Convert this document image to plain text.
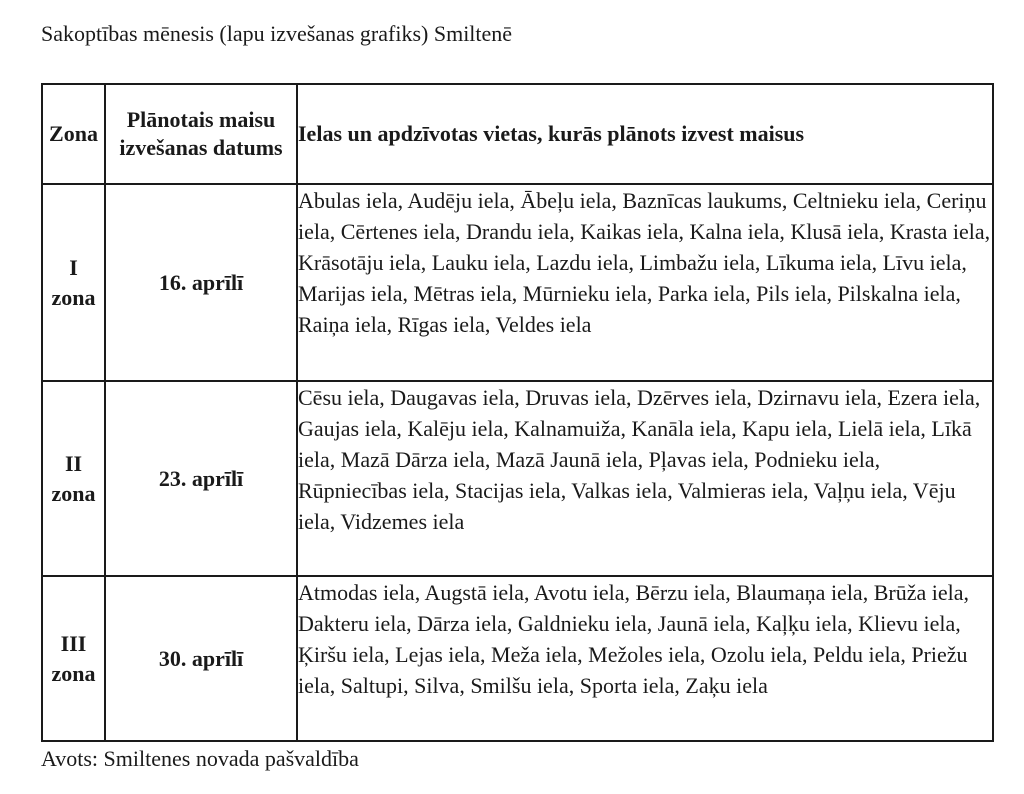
Sakoptības mēnesis (lapu izvešanas grafiks) Smiltenē
Zona	Plānotais maisu izvešanas datums	Ielas un apdzīvotas vietas, kurās plānots izvest maisus

I
zona	16. aprīlī	Abulas iela, Audēju iela, Ābeļu iela, Baznīcas laukums, Celtnieku iela, Ceriņu iela, Cērtenes iela, Drandu iela, Kaikas iela, Kalna iela, Klusā iela, Krasta iela, Krāsotāju iela, Lauku iela, Lazdu iela, Limbažu iela, Līkuma iela, Līvu iela, Marijas iela, Mētras iela, Mūrnieku iela, Parka iela, Pils iela, Pilskalna iela, Raiņa iela, Rīgas iela, Veldes iela

II
zona	23. aprīlī	Cēsu iela, Daugavas iela, Druvas iela, Dzērves iela, Dzirnavu iela, Ezera iela, Gaujas iela, Kalēju iela, Kalnamuiža, Kanāla iela, Kapu iela, Lielā iela, Līkā iela, Mazā Dārza iela, Mazā Jaunā iela, Pļavas iela, Podnieku iela, Rūpniecības iela, Stacijas iela, Valkas iela, Valmieras iela, Vaļņu iela, Vēju iela, Vidzemes iela

III
zona	30. aprīlī	Atmodas iela, Augstā iela, Avotu iela, Bērzu iela, Blaumaņa iela, Brūža iela, Dakteru iela, Dārza iela, Galdnieku iela, Jaunā iela, Kaļķu iela, Klievu iela, Ķiršu iela, Lejas iela, Meža iela, Mežoles iela, Ozolu iela, Peldu iela, Priežu iela, Saltupi, Silva, Smilšu iela, Sporta iela, Zaķu iela
Avots: Smiltenes novada pašvaldība
